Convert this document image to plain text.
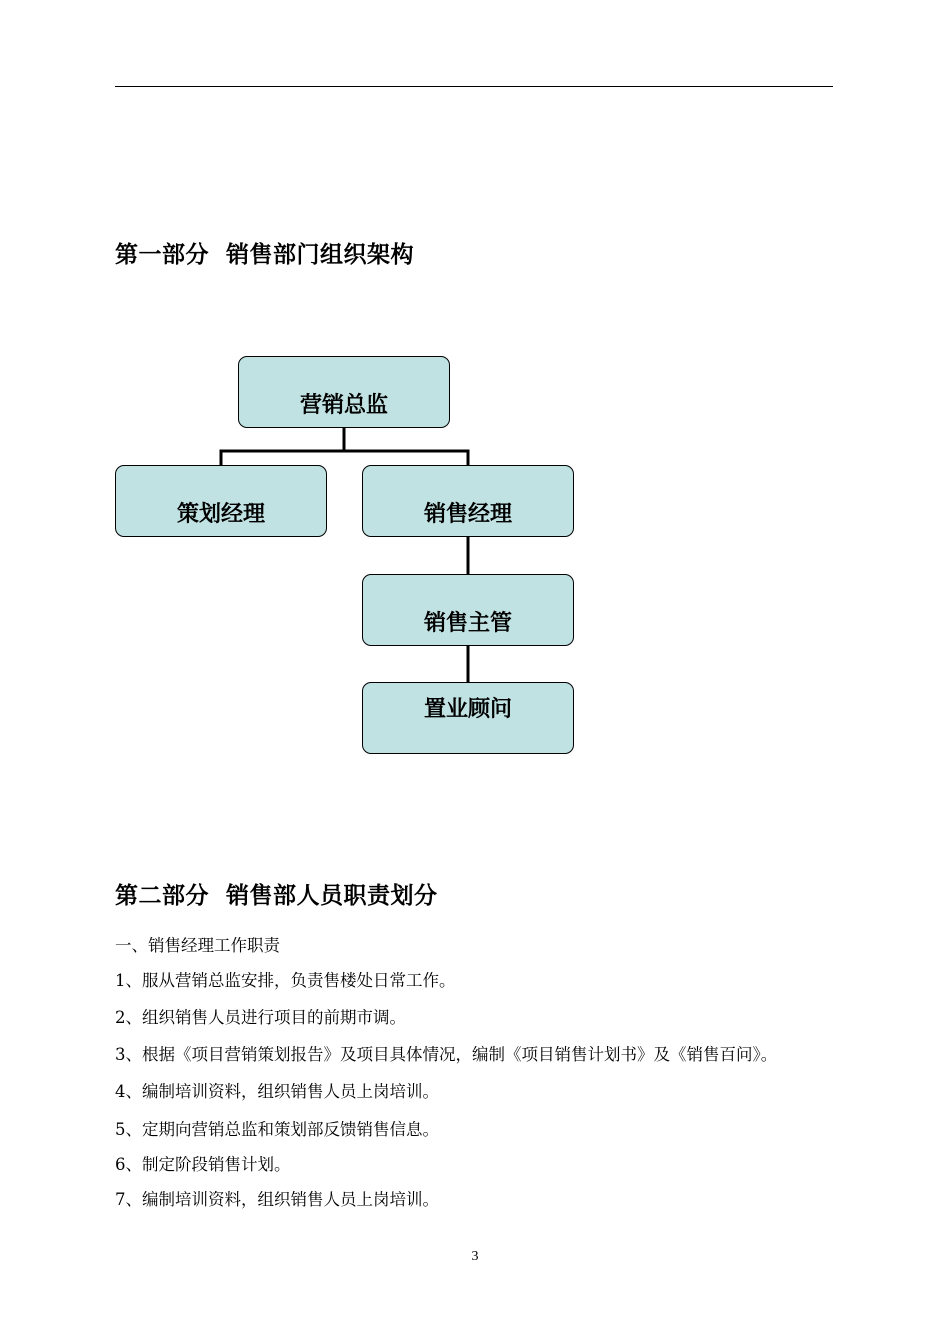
第一部分  销售部门组织架构
营销总监
策划经理	销售经理
销售主管
置业顾问
第二部分  销售部人员职责划分
一、销售经理工作职责
1、服从营销总监安排，负责售楼处日常工作。
2、组织销售人员进行项目的前期市调。
3、根据《项目营销策划报告》及项目具体情况，编制《项目销售计划书》及《销售百问》。
4、编制培训资料，组织销售人员上岗培训。
5、定期向营销总监和策划部反馈销售信息。
6、制定阶段销售计划。
7、编制培训资料，组织销售人员上岗培训。
3
